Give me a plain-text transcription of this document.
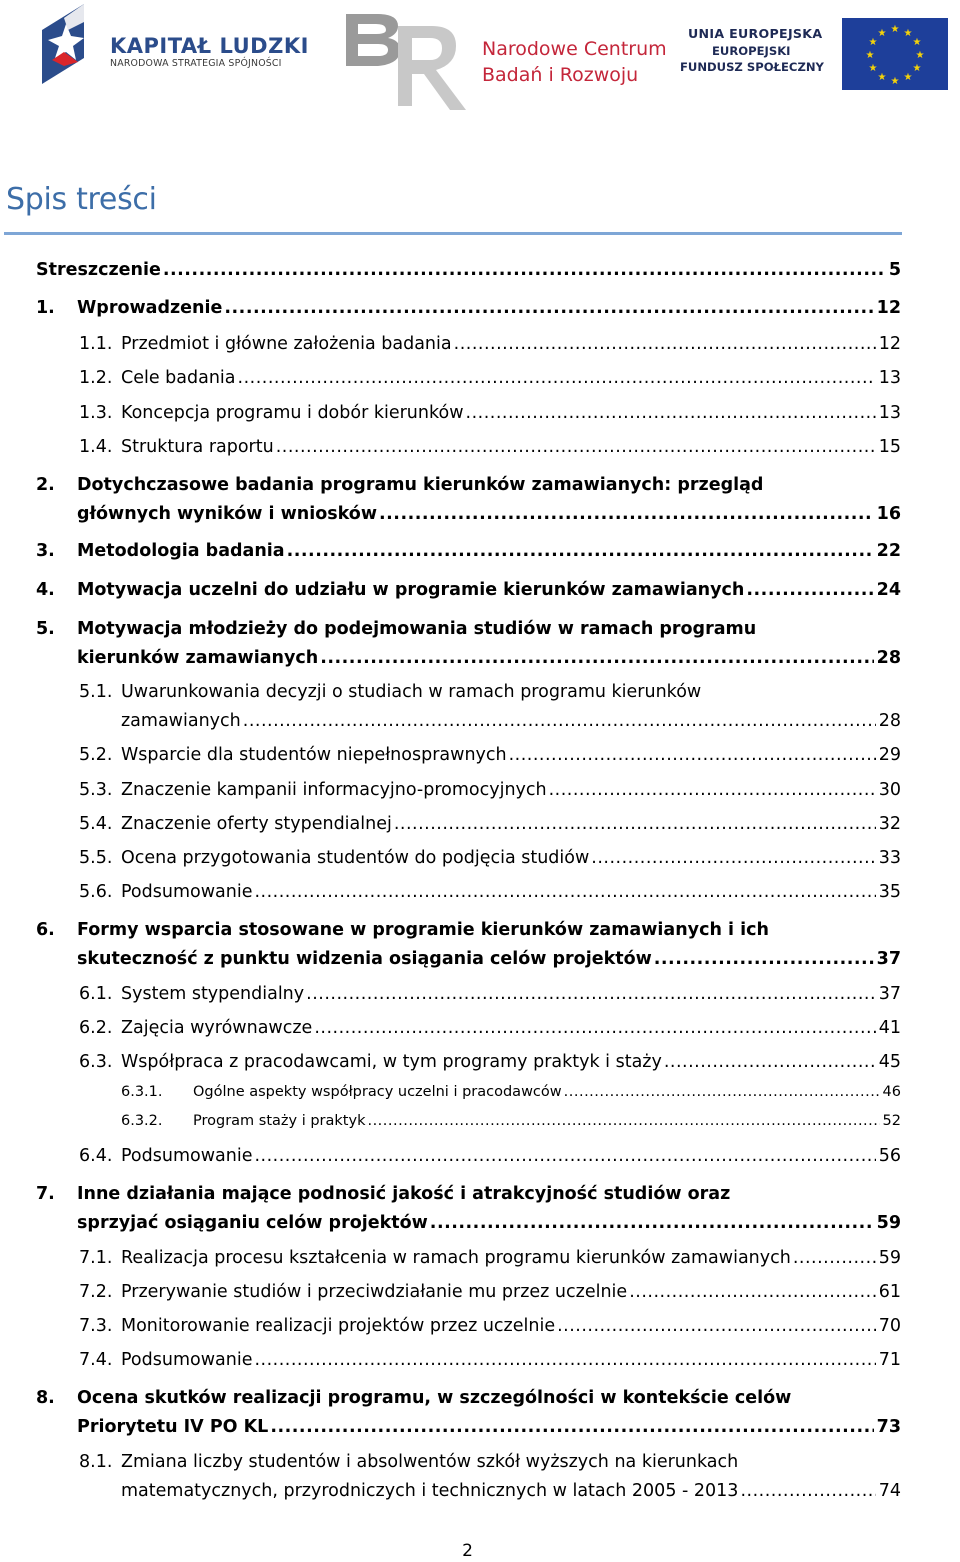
KAPITAŁ LUDZKI
NARODOWA STRATEGIA SPÓJNOŚCI
Narodowe Centrum
Badań i Rozwoju
UNIA EUROPEJSKA
EUROPEJSKI
FUNDUSZ SPOŁECZNY
★ ★
★
★
★
★
★
★
★
★
★
★
Spis treści
Streszczenie .....	5
1. Wprowadzenie .....	12
1.1. Przedmiot i główne założenia badania .....	12
1.2. Cele badania .....	13
1.3. Koncepcja programu i dobór kierunków .....	13
1.4. Struktura raportu .....	15
2. Dotychczasowe badania programu kierunków zamawianych: przegląd
głównych wyników i wniosków .....	16
3. Metodologia badania .....	22
4. Motywacja uczelni do udziału w programie kierunków zamawianych .....	24
5. Motywacja młodzieży do podejmowania studiów w ramach programu
kierunków zamawianych .....	28
5.1. Uwarunkowania decyzji o studiach w ramach programu kierunków
zamawianych .....	28
5.2. Wsparcie dla studentów niepełnosprawnych .....	29
5.3. Znaczenie kampanii informacyjno-promocyjnych .....	30
5.4. Znaczenie oferty stypendialnej .....	32
5.5. Ocena przygotowania studentów do podjęcia studiów .....	33
5.6. Podsumowanie .....	35
6. Formy wsparcia stosowane w programie kierunków zamawianych i ich
skuteczność z punktu widzenia osiągania celów projektów .....	37
6.1. System stypendialny .....	37
6.2. Zajęcia wyrównawcze .....	41
6.3. Współpraca z pracodawcami, w tym programy praktyk i staży .....	45
6.3.1. Ogólne aspekty współpracy uczelni i pracodawców .....	46
6.3.2. Program staży i praktyk .....	52
6.4. Podsumowanie .....	56
7. Inne działania mające podnosić jakość i atrakcyjność studiów oraz
sprzyjać osiąganiu celów projektów .....	59
7.1. Realizacja procesu kształcenia w ramach programu kierunków zamawianych .....	59
7.2. Przerywanie studiów i przeciwdziałanie mu przez uczelnie .....	61
7.3. Monitorowanie realizacji projektów przez uczelnie .....	70
7.4. Podsumowanie .....	71
8. Ocena skutków realizacji programu, w szczególności w kontekście celów
Priorytetu IV PO KL .....	73
8.1. Zmiana liczby studentów i absolwentów szkół wyższych na kierunkach
matematycznych, przyrodniczych i technicznych w latach 2005 - 2013 .....	74
2
